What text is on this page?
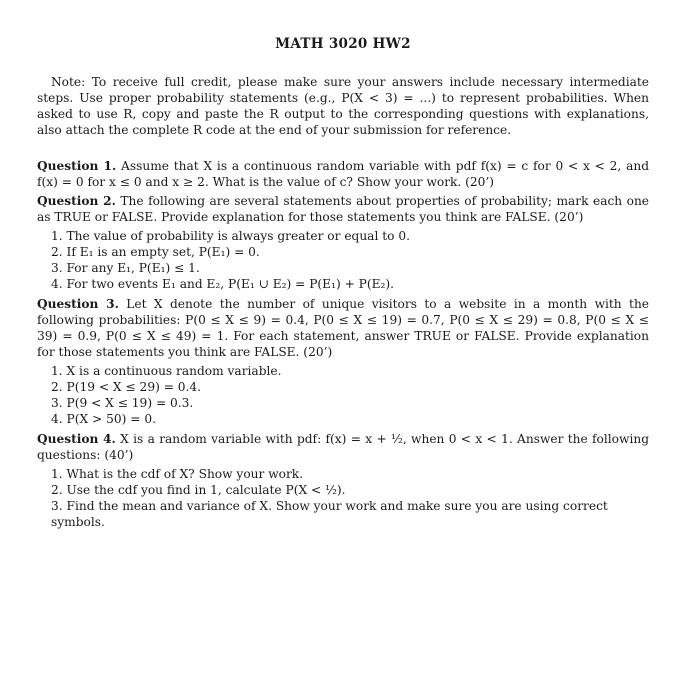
MATH 3020 HW2

Note: To receive full credit, please make sure your answers include necessary intermediate steps. Use proper probability statements (e.g., P(X < 3) = ...) to represent probabilities. When asked to use R, copy and paste the R output to the corresponding questions with explanations, also attach the complete R code at the end of your submission for reference.

Question 1. Assume that X is a continuous random variable with pdf f(x) = c for 0 < x < 2, and f(x) = 0 for x ≤ 0 and x ≥ 2. What is the value of c? Show your work. (20’)

Question 2. The following are several statements about properties of probability; mark each one as TRUE or FALSE. Provide explanation for those statements you think are FALSE. (20’)

1. The value of probability is always greater or equal to 0.
2. If E₁ is an empty set, P(E₁) = 0.
3. For any E₁, P(E₁) ≤ 1.
4. For two events E₁ and E₂, P(E₁ ∪ E₂) = P(E₁) + P(E₂).

Question 3. Let X denote the number of unique visitors to a website in a month with the following probabilities: P(0 ≤ X ≤ 9) = 0.4, P(0 ≤ X ≤ 19) = 0.7, P(0 ≤ X ≤ 29) = 0.8, P(0 ≤ X ≤ 39) = 0.9, P(0 ≤ X ≤ 49) = 1. For each statement, answer TRUE or FALSE. Provide explanation for those statements you think are FALSE. (20’)

1. X is a continuous random variable.
2. P(19 < X ≤ 29) = 0.4.
3. P(9 < X ≤ 19) = 0.3.
4. P(X > 50) = 0.

Question 4. X is a random variable with pdf: f(x) = x + ½, when 0 < x < 1. Answer the following questions: (40’)

1. What is the cdf of X? Show your work.
2. Use the cdf you find in 1, calculate P(X < ½).
3. Find the mean and variance of X. Show your work and make sure you are using correct symbols.
